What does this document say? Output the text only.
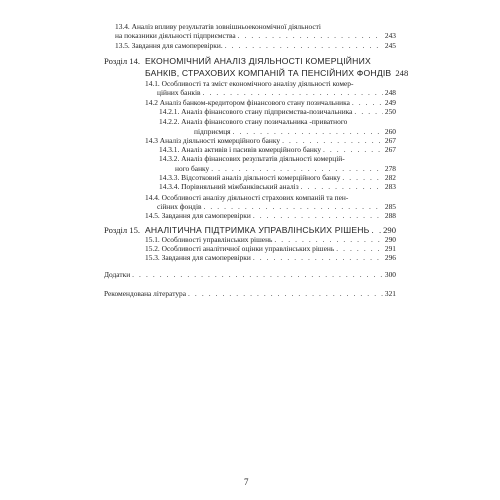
13.4. Аналіз впливу результатів зовнішньоекономічної діяльності
на показники діяльності підприємства . . .	243
13.5. Завдання для самоперевірки. . . .	245
Розділ 14. ЕКОНОМІЧНИЙ АНАЛІЗ ДІЯЛЬНОСТІ КОМЕРЦІЙНИХ
БАНКІВ, СТРАХОВИХ КОМПАНІЙ ТА ПЕНСІЙНИХ ФОНДІВ 248
14.1. Особливості та зміст економічного аналізу діяльності комер-
ційних банків . . .	248
14.2 Аналіз банком-кредитором фінансового стану позичальника . . .	249
14.2.1. Аналіз фінансового стану підприємства-позичальника . . .	250
14.2.2. Аналіз фінансового стану позичальника -приватного
підприємця . . .	260
14.3 Аналіз діяльності комерційного банку . . .	267
14.3.1. Аналіз активів і пасивів комерційного банку . . .	267
14.3.2. Аналіз фінансових результатів діяльності комерцій-
ного банку . . .	278
14.3.3. Відсотковий аналіз діяльності комерційного банку . . .	282
14.3.4. Порівняльний міжбанківський аналіз . . .	283
14.4. Особливості аналізу діяльності страхових компаній та пен-
сійних фондів . . .	285
14.5. Завдання для самоперевірки . . .	288
Розділ 15. АНАЛІТИЧНА ПІДТРИМКА УПРАВЛІНСЬКИХ РІШЕНЬ . . . 290
15.1. Особливості управлінських рішень . . .	290
15.2. Особливості аналітичної оцінки управлінських рішень . . .	291
15.3. Завдання для самоперевірки . . .	296
Додатки . . .	300
Рекомендована література . . .	321
7
